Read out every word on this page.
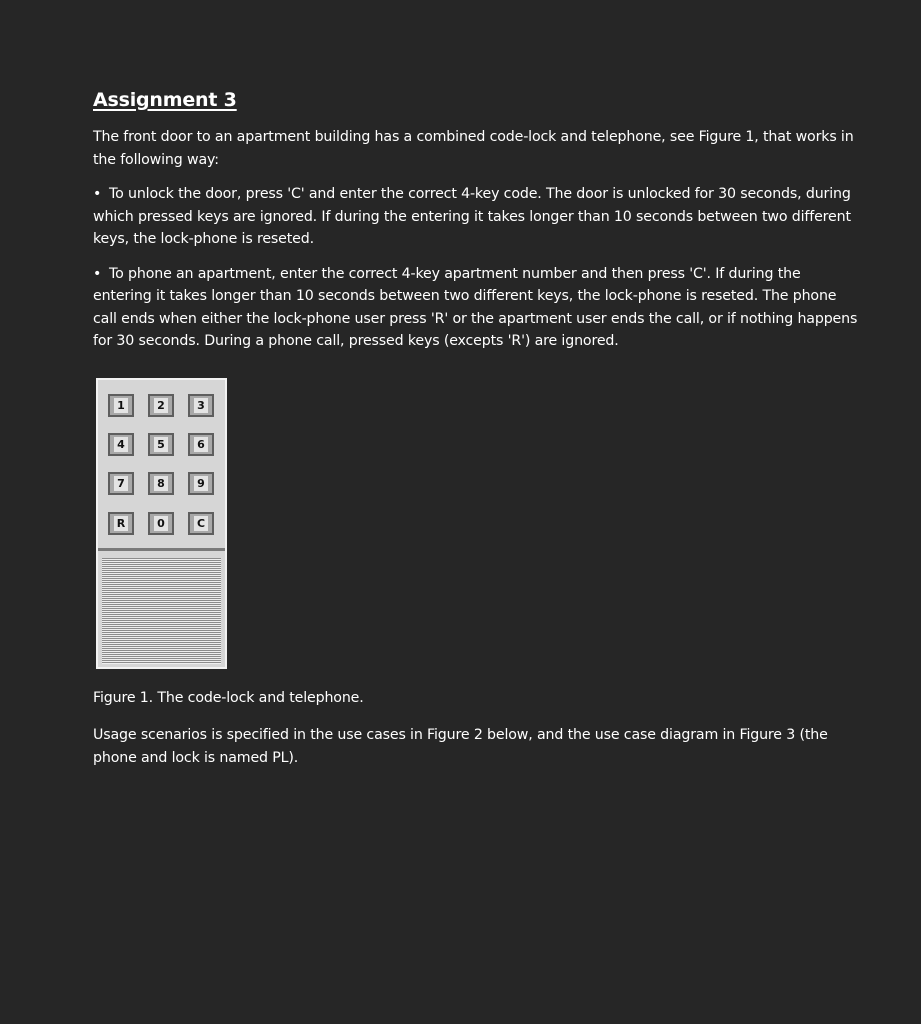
Assignment 3

The front door to an apartment building has a combined code-lock and telephone, see Figure 1, that works in the following way:

• To unlock the door, press 'C' and enter the correct 4-key code. The door is unlocked for 30 seconds, during which pressed keys are ignored. If during the entering it takes longer than 10 seconds between two different keys, the lock-phone is reseted.

• To phone an apartment, enter the correct 4-key apartment number and then press 'C'. If during the entering it takes longer than 10 seconds between two different keys, the lock-phone is reseted. The phone call ends when either the lock-phone user press 'R' or the apartment user ends the call, or if nothing happens for 30 seconds. During a phone call, pressed keys (excepts 'R') are ignored.

1	2	3
4	5	6
7	8	9
R	0	C
Figure 1. The code-lock and telephone.

Usage scenarios is specified in the use cases in Figure 2 below, and the use case diagram in Figure 3 (the phone and lock is named PL).
